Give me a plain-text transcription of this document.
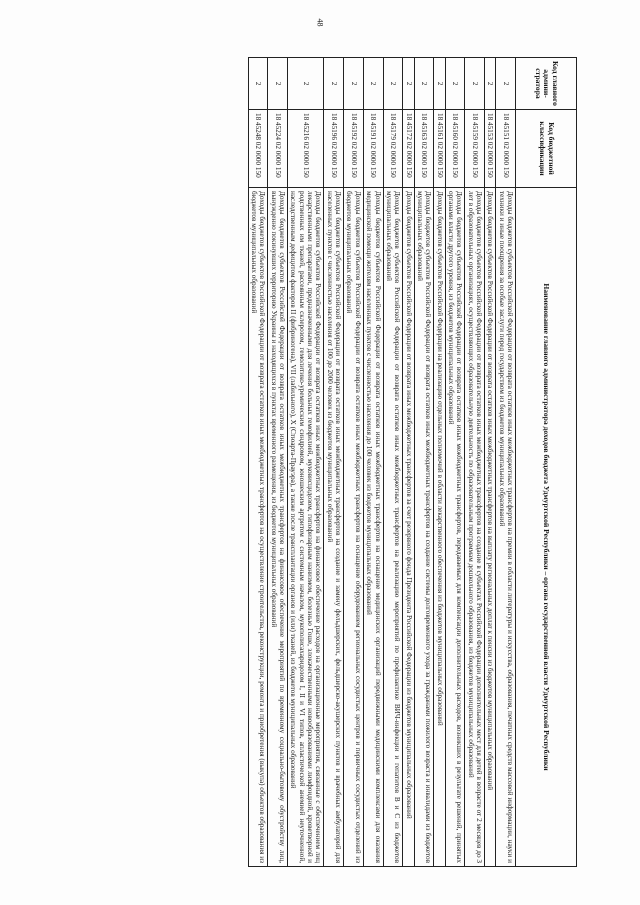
48
Код главного админи-стратора	Код бюджетной классификации	Наименование главного администратора доходов бюджета Удмуртской Республики – органа государственной власти Удмуртской Республики
2	18 45151 02 0000 150	Доходы бюджетов субъектов Российской Федерации от возврата остатков иных межбюджетных трансфертов на премии в области литературы и искусства, образования, печатных средств массовой информации, науки и техники и иные поощрения за особые заслуги перед государством из бюджетов муниципальных образований
2	18 45153 02 0000 150	Доходы бюджетов субъектов Российской Федерации от возврата остатков иных межбюджетных трансфертов на выплату региональных доплат к пенсии из бюджетов муниципальных образований
2	18 45159 02 0000 150	Доходы бюджетов субъектов Российской Федерации от возврата остатков иных межбюджетных трансфертов на создание в субъектах Российской Федерации дополнительных мест для детей в возрасте от 2 месяцев до 3 лет в образовательных организациях, осуществляющих образовательную деятельность по образовательным программам дошкольного образования, из бюджетов муниципальных образований
2	18 45160 02 0000 150	Доходы бюджетов субъектов Российской Федерации от возврата остатков иных межбюджетных трансфертов, передаваемых для компенсации дополнительных расходов, возникших в результате решений, принятых органами власти другого уровня, из бюджетов муниципальных образований
2	18 45161 02 0000 150	Доходы бюджетов субъектов Российской Федерации на реализацию отдельных полномочий в области лекарственного обеспечения из бюджетов муниципальных образований
2	18 45163 02 0000 150	Доходы бюджетов субъектов Российской Федерации от возврата остатков иных межбюджетных трансфертов на создание системы долговременного ухода за гражданами пожилого возраста и инвалидами из бюджетов муниципальных образований
2	18 45172 02 0000 150	Доходы бюджетов субъектов Российской Федерации от возврата иных межбюджетных трансфертов за счет резервного фонда Президента Российской Федерации из бюджетов муниципальных образований
2	18 45179 02 0000 150	Доходы бюджетов субъектов Российской Федерации от возврата остатков иных межбюджетных трансфертов на реализацию мероприятий по профилактике ВИЧ-инфекции и гепатитов B и C из бюджетов муниципальных образований
2	18 45191 02 0000 150	Доходы бюджетов субъектов Российской Федерации от возврата остатков иных межбюджетных трансфертов на оснащение медицинских организаций передвижными медицинскими комплексами для оказания медицинской помощи жителям населенных пунктов с численностью населения до 100 человек из бюджетов муниципальных образований
2	18 45192 02 0000 150	Доходы бюджетов субъектов Российской Федерации от возврата остатков иных межбюджетных трансфертов на оснащение оборудованием региональных сосудистых центров и первичных сосудистых отделений из бюджетов муниципальных образований
2	18 45196 02 0000 150	Доходы бюджетов субъектов Российской Федерации от возврата остатков иных межбюджетных трансфертов на создание и замену фельдшерских, фельдшерско-акушерских пунктов и врачебных амбулаторий для населенных пунктов с численностью населения от 100 до 2000 человек из бюджетов муниципальных образований
2	18 45216 02 0000 150	Доходы бюджетов субъектов Российской Федерации от возврата остатков иных межбюджетных трансфертов на финансовое обеспечение расходов на организационные мероприятия, связанные с обеспечением лиц лекарственными препаратами, предназначенными для лечения больных гемофилией, муковисцидозом, гипофизарным нанизмом, болезнью Гоше, злокачественными новообразованиями лимфоидной, кроветворной и родственных им тканей, рассеянным склерозом, гемолитико-уремическим синдромом, юношеским артритом с системным началом, мукополисахаридозом I, II и VI типов, апластической анемией неуточненной, наследственным дефицитом факторов II (фибриногена), VII (лабильного), X (Стюарта-Прауэра), а также после трансплантации органов и (или) тканей, из бюджетов муниципальных образований
2	18 45224 02 0000 150	Доходы бюджетов субъектов Российской Федерации от возврата остатков иных межбюджетных трансфертов на финансовое обеспечение мероприятий по временному социально-бытовому обустройству лиц, вынужденно покинувших территорию Украины и находящихся в пунктах временного размещения, из бюджетов муниципальных образований
2	18 45248 02 0000 150	Доходы бюджетов субъектов Российской Федерации от возврата остатков иных межбюджетных трансфертов на осуществление строительства, реконструкции, ремонта и приобретения (выкупа) объектов образования из бюджетов муниципальных образований
